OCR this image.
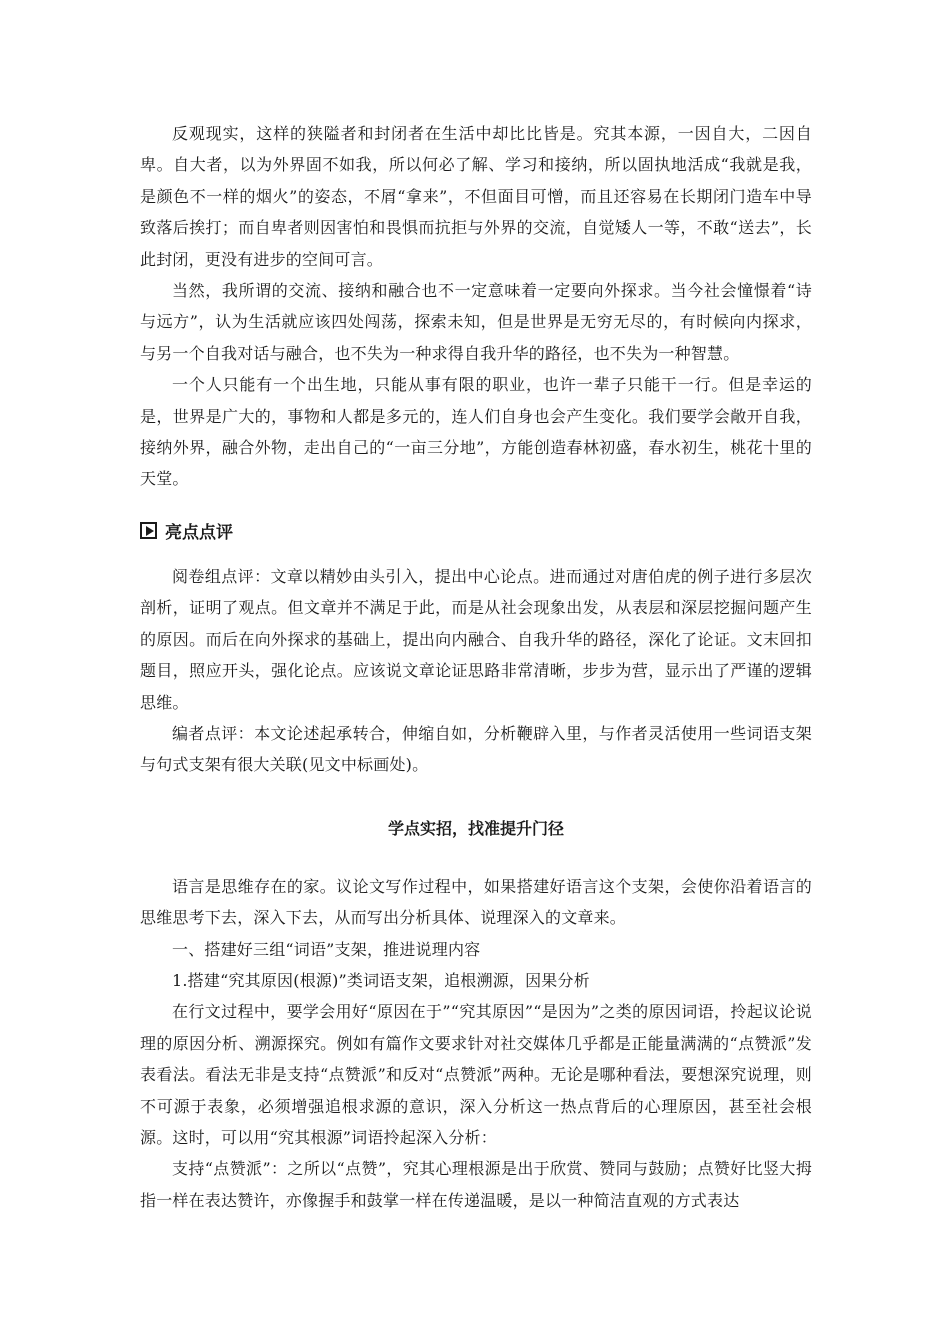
反观现实，这样的狭隘者和封闭者在生活中却比比皆是。究其本源，一因自大，二因自卑。自大者，以为外界固不如我，所以何必了解、学习和接纳，所以固执地活成“我就是我，是颜色不一样的烟火”的姿态，不屑“拿来”，不但面目可憎，而且还容易在长期闭门造车中导致落后挨打；而自卑者则因害怕和畏惧而抗拒与外界的交流，自觉矮人一等，不敢“送去”，长此封闭，更没有进步的空间可言。

当然，我所谓的交流、接纳和融合也不一定意味着一定要向外探求。当今社会憧憬着“诗与远方”，认为生活就应该四处闯荡，探索未知，但是世界是无穷无尽的，有时候向内探求，与另一个自我对话与融合，也不失为一种求得自我升华的路径，也不失为一种智慧。

一个人只能有一个出生地，只能从事有限的职业，也许一辈子只能干一行。但是幸运的是，世界是广大的，事物和人都是多元的，连人们自身也会产生变化。我们要学会敞开自我，接纳外界，融合外物，走出自己的“一亩三分地”，方能创造春林初盛，春水初生，桃花十里的天堂。

亮点点评

阅卷组点评：文章以精妙由头引入，提出中心论点。进而通过对唐伯虎的例子进行多层次剖析，证明了观点。但文章并不满足于此，而是从社会现象出发，从表层和深层挖掘问题产生的原因。而后在向外探求的基础上，提出向内融合、自我升华的路径，深化了论证。文末回扣题目，照应开头，强化论点。应该说文章论证思路非常清晰，步步为营，显示出了严谨的逻辑思维。

编者点评：本文论述起承转合，伸缩自如，分析鞭辟入里，与作者灵活使用一些词语支架与句式支架有很大关联(见文中标画处)。

学点实招，找准提升门径

语言是思维存在的家。议论文写作过程中，如果搭建好语言这个支架，会使你沿着语言的思维思考下去，深入下去，从而写出分析具体、说理深入的文章来。

一、搭建好三组“词语”支架，推进说理内容

1.搭建“究其原因(根源)”类词语支架，追根溯源，因果分析

在行文过程中，要学会用好“原因在于”“究其原因”“是因为”之类的原因词语，拎起议论说理的原因分析、溯源探究。例如有篇作文要求针对社交媒体几乎都是正能量满满的“点赞派”发表看法。看法无非是支持“点赞派”和反对“点赞派”两种。无论是哪种看法，要想深究说理，则不可源于表象，必须增强追根求源的意识，深入分析这一热点背后的心理原因，甚至社会根源。这时，可以用“究其根源”词语拎起深入分析：

支持“点赞派”：之所以“点赞”，究其心理根源是出于欣赏、赞同与鼓励；点赞好比竖大拇指一样在表达赞许，亦像握手和鼓掌一样在传递温暖，是以一种简洁直观的方式表达
